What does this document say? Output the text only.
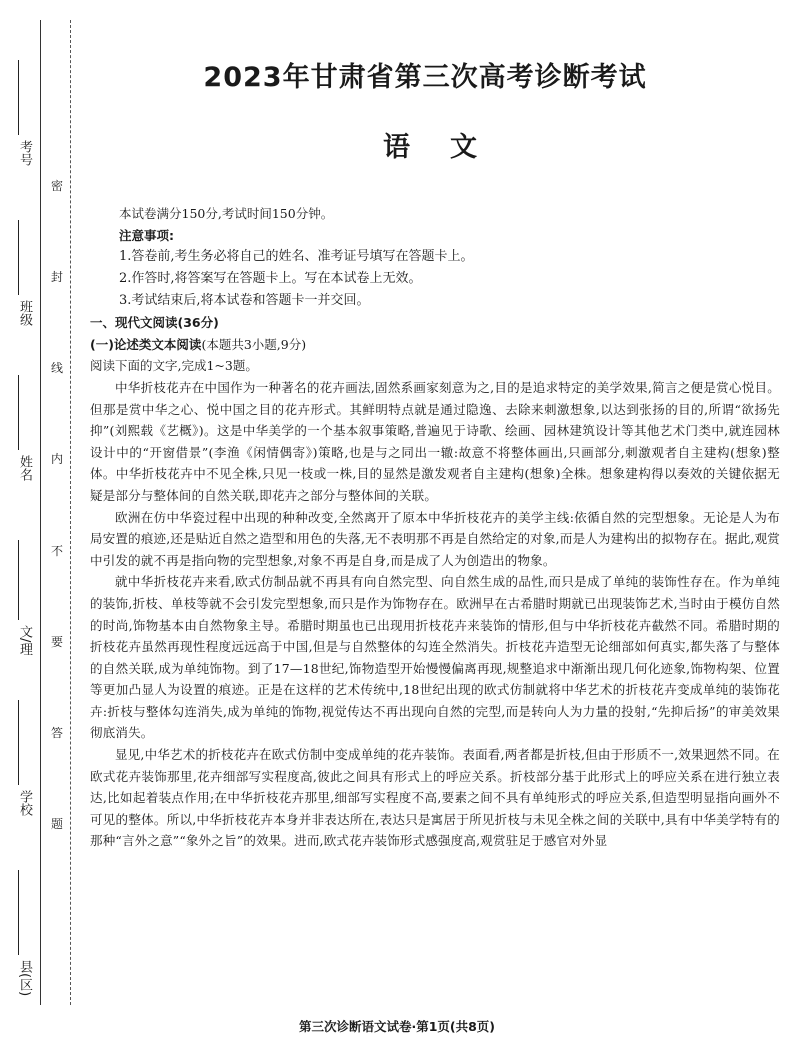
考号
班级
姓名
文/理
学校
县(区)
密
封
线
内
不
要
答
题
2023年甘肃省第三次高考诊断考试
语文

本试卷满分150分,考试时间150分钟。

注意事项:

1.答卷前,考生务必将自己的姓名、准考证号填写在答题卡上。

2.作答时,将答案写在答题卡上。写在本试卷上无效。

3.考试结束后,将本试卷和答题卡一并交回。

一、现代文阅读(36分)

(一)论述类文本阅读(本题共3小题,9分)

阅读下面的文字,完成1~3题。

中华折枝花卉在中国作为一种著名的花卉画法,固然系画家刻意为之,目的是追求特定的美学效果,简言之便是赏心悦目。但那是赏中华之心、悦中国之目的花卉形式。其鲜明特点就是通过隐逸、去除来刺激想象,以达到张扬的目的,所谓“欲扬先抑”(刘熙载《艺概》)。这是中华美学的一个基本叙事策略,普遍见于诗歌、绘画、园林建筑设计等其他艺术门类中,就连园林设计中的“开窗借景”(李渔《闲情偶寄》)策略,也是与之同出一辙:故意不将整体画出,只画部分,刺激观者自主建构(想象)整体。中华折枝花卉中不见全株,只见一枝或一株,目的显然是激发观者自主建构(想象)全株。想象建构得以奏效的关键依据无疑是部分与整体间的自然关联,即花卉之部分与整体间的关联。

欧洲在仿中华瓷过程中出现的种种改变,全然离开了原本中华折枝花卉的美学主线:依循自然的完型想象。无论是人为布局安置的痕迹,还是贴近自然之造型和用色的失落,无不表明那不再是自然给定的对象,而是人为建构出的拟物存在。据此,观赏中引发的就不再是指向物的完型想象,对象不再是自身,而是成了人为创造出的物象。

就中华折枝花卉来看,欧式仿制品就不再具有向自然完型、向自然生成的品性,而只是成了单纯的装饰性存在。作为单纯的装饰,折枝、单枝等就不会引发完型想象,而只是作为饰物存在。欧洲早在古希腊时期就已出现装饰艺术,当时由于模仿自然的时尚,饰物基本由自然物象主导。希腊时期虽也已出现用折枝花卉来装饰的情形,但与中华折枝花卉截然不同。希腊时期的折枝花卉虽然再现性程度远远高于中国,但是与自然整体的勾连全然消失。折枝花卉造型无论细部如何真实,都失落了与整体的自然关联,成为单纯饰物。到了17—18世纪,饰物造型开始慢慢偏离再现,规整追求中渐渐出现几何化迹象,饰物构架、位置等更加凸显人为设置的痕迹。正是在这样的艺术传统中,18世纪出现的欧式仿制就将中华艺术的折枝花卉变成单纯的装饰花卉:折枝与整体勾连消失,成为单纯的饰物,视觉传达不再出现向自然的完型,而是转向人为力量的投射,“先抑后扬”的审美效果彻底消失。

显见,中华艺术的折枝花卉在欧式仿制中变成单纯的花卉装饰。表面看,两者都是折枝,但由于形质不一,效果迥然不同。在欧式花卉装饰那里,花卉细部写实程度高,彼此之间具有形式上的呼应关系。折枝部分基于此形式上的呼应关系在进行独立表达,比如起着装点作用;在中华折枝花卉那里,细部写实程度不高,要素之间不具有单纯形式的呼应关系,但造型明显指向画外不可见的整体。所以,中华折枝花卉本身并非表达所在,表达只是寓居于所见折枝与未见全株之间的关联中,具有中华美学特有的那种“言外之意”“象外之旨”的效果。进而,欧式花卉装饰形式感强度高,观赏驻足于感官对外显

第三次诊断语文试卷·第1页(共8页)
